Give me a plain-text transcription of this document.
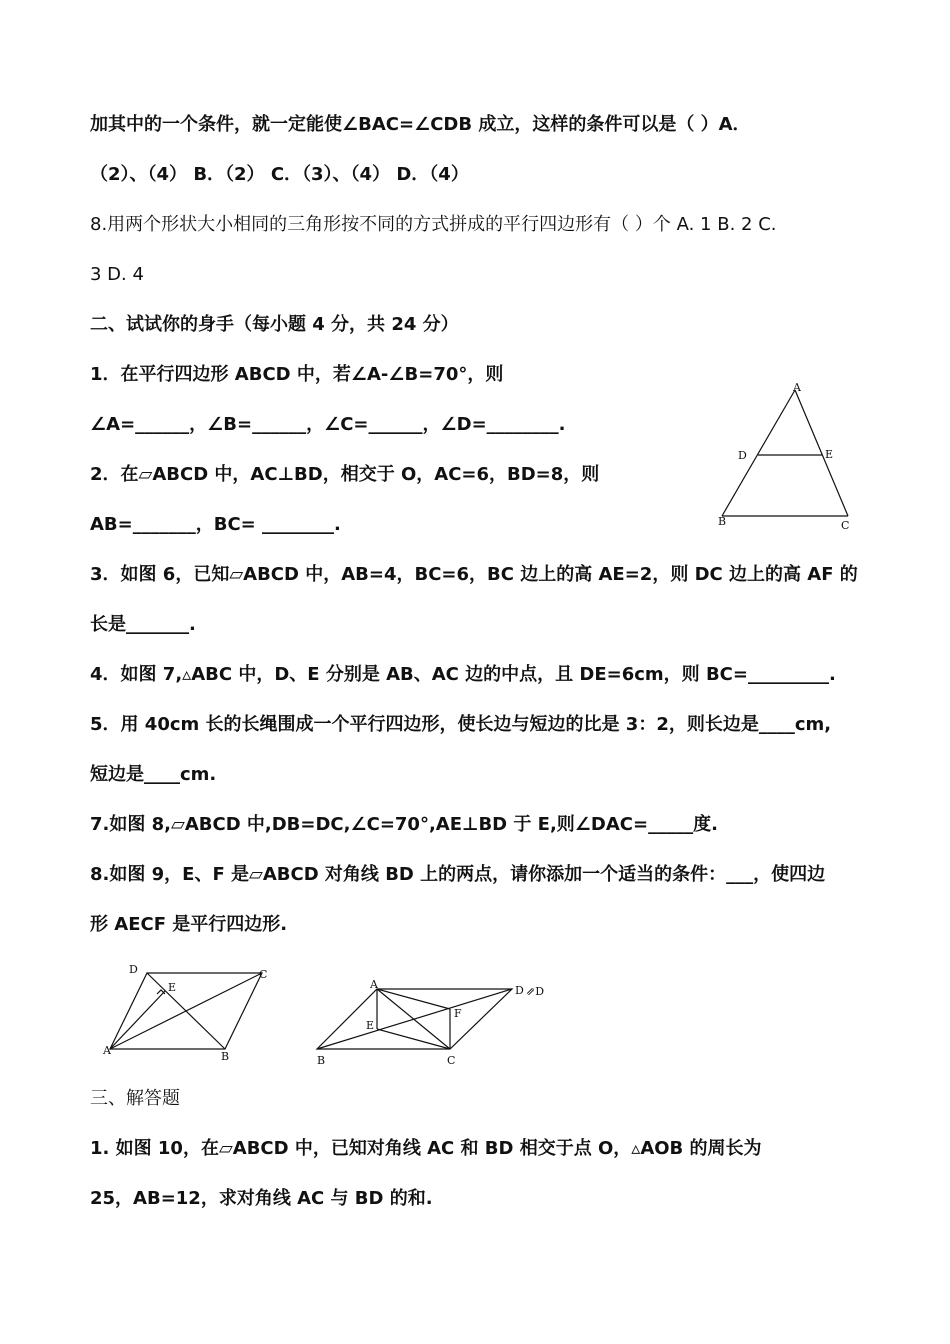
加其中的一个条件，就一定能使∠BAC=∠CDB 成立，这样的条件可以是（ ）A．
（2）、（4） B．（2） C．（3）、（4） D．（4）
8.用两个形状大小相同的三角形按不同的方式拼成的平行四边形有（ ）个 A. 1 B. 2 C.
3 D. 4
二、试试你的身手（每小题 4 分，共 24 分）
1．在平行四边形 ABCD 中，若∠A-∠B=70°，则
∠A=______，∠B=______，∠C=______，∠D=________.
2．在▱ABCD 中，AC⊥BD，相交于 O，AC=6，BD=8，则
AB=_______，BC= ________.
3．如图 6，已知▱ABCD 中，AB=4，BC=6，BC 边上的高 AE=2，则 DC 边上的高 AF 的
长是_______.
4．如图 7,▵ABC 中，D、E 分别是 AB、AC 边的中点，且 DE=6cm，则 BC=_________.
5．用 40cm 长的长绳围成一个平行四边形，使长边与短边的比是 3：2，则长边是____cm,
短边是____cm.
7.如图 8,▱ABCD 中,DB=DC,∠C=70°,AE⊥BD 于 E,则∠DAC=_____度.
8.如图 9，E、F 是▱ABCD 对角线 BD 上的两点，请你添加一个适当的条件：___，使四边
形 AECF 是平行四边形.
三、解答题
1. 如图 10，在▱ABCD 中，已知对角线 AC 和 BD 相交于点 O，▵AOB 的周长为
25，AB=12，求对角线 AC 与 BD 的和.
A
D	E
B	C
D	C
E
A	B
A	D ⇗D
F
E
B	C
